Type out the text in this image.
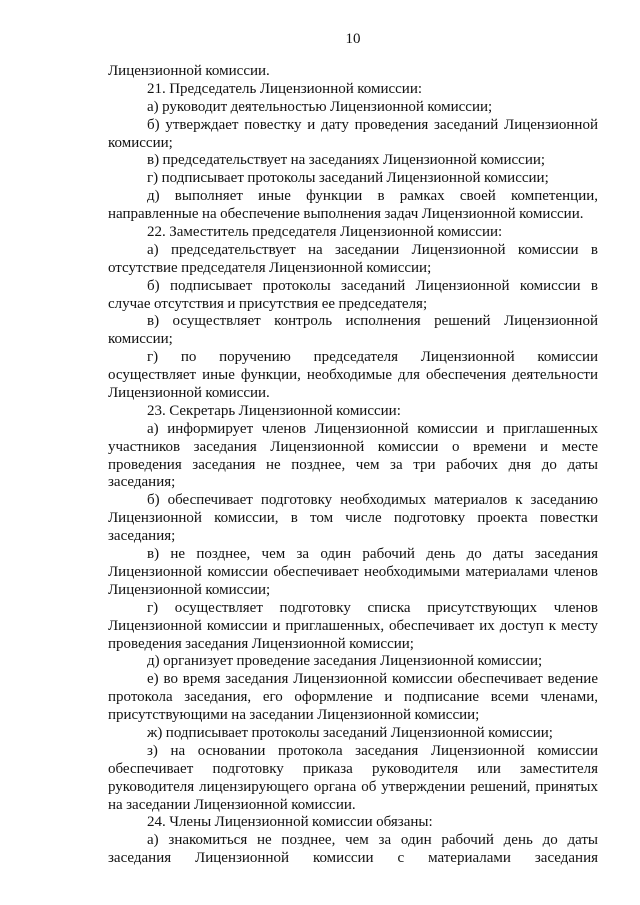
10
Лицензионной комиссии.
21. Председатель Лицензионной комиссии:
а) руководит деятельностью Лицензионной комиссии;
б) утверждает повестку и дату проведения заседаний Лицензионной
комиссии;
в) председательствует на заседаниях Лицензионной комиссии;
г) подписывает протоколы заседаний Лицензионной комиссии;
д) выполняет иные функции в рамках своей компетенции,
направленные на обеспечение выполнения задач Лицензионной комиссии.
22. Заместитель председателя Лицензионной комиссии:
а) председательствует на заседании Лицензионной комиссии в
отсутствие председателя Лицензионной комиссии;
б) подписывает протоколы заседаний Лицензионной комиссии в
случае отсутствия и присутствия ее председателя;
в) осуществляет контроль исполнения решений Лицензионной
комиссии;
г) по поручению председателя Лицензионной комиссии
осуществляет иные функции, необходимые для обеспечения деятельности
Лицензионной комиссии.
23. Секретарь Лицензионной комиссии:
а) информирует членов Лицензионной комиссии и приглашенных
участников заседания Лицензионной комиссии о времени и месте
проведения заседания не позднее, чем за три рабочих дня до даты
заседания;
б) обеспечивает подготовку необходимых материалов к заседанию
Лицензионной комиссии, в том числе подготовку проекта повестки
заседания;
в) не позднее, чем за один рабочий день до даты заседания
Лицензионной комиссии обеспечивает необходимыми материалами членов
Лицензионной комиссии;
г) осуществляет подготовку списка присутствующих членов
Лицензионной комиссии и приглашенных, обеспечивает их доступ к месту
проведения заседания Лицензионной комиссии;
д) организует проведение заседания Лицензионной комиссии;
е) во время заседания Лицензионной комиссии обеспечивает ведение
протокола заседания, его оформление и подписание всеми членами,
присутствующими на заседании Лицензионной комиссии;
ж) подписывает протоколы заседаний Лицензионной комиссии;
з) на основании протокола заседания Лицензионной комиссии
обеспечивает подготовку приказа руководителя или заместителя
руководителя лицензирующего органа об утверждении решений, принятых
на заседании Лицензионной комиссии.
24. Члены Лицензионной комиссии обязаны:
а) знакомиться не позднее, чем за один рабочий день до даты
заседания Лицензионной комиссии с материалами заседания
